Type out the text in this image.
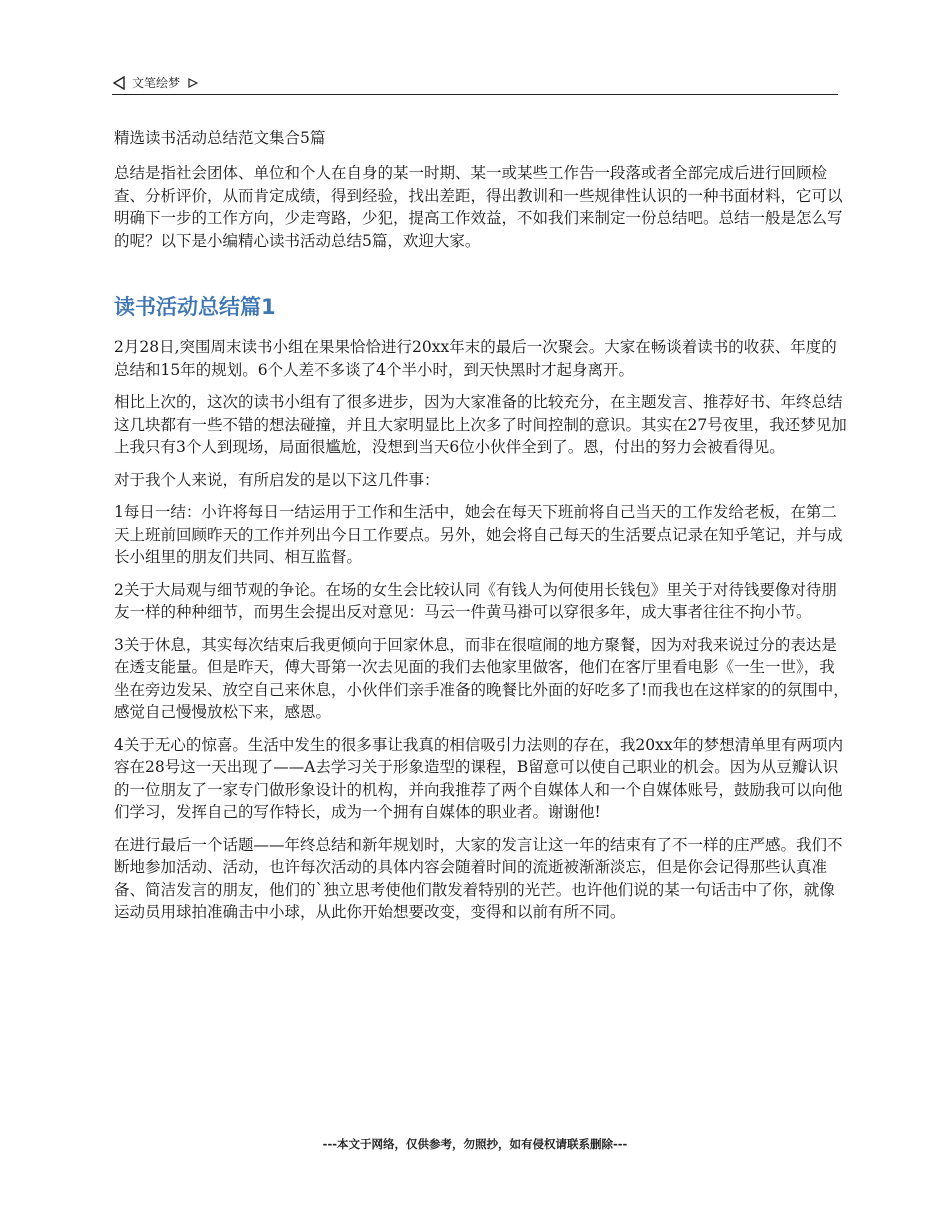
文笔绘梦
精选读书活动总结范文集合5篇

总结是指社会团体、单位和个人在自身的某一时期、某一或某些工作告一段落或者全部完成后进行回顾检查、分析评价，从而肯定成绩，得到经验，找出差距，得出教训和一些规律性认识的一种书面材料，它可以明确下一步的工作方向，少走弯路，少犯，提高工作效益，不如我们来制定一份总结吧。总结一般是怎么写的呢？以下是小编精心读书活动总结5篇，欢迎大家。

读书活动总结篇1

2月28日,突围周末读书小组在果果恰恰进行20xx年末的最后一次聚会。大家在畅谈着读书的收获、年度的总结和15年的规划。6个人差不多谈了4个半小时，到天快黑时才起身离开。

相比上次的，这次的读书小组有了很多进步，因为大家准备的比较充分，在主题发言、推荐好书、年终总结这几块都有一些不错的想法碰撞，并且大家明显比上次多了时间控制的意识。其实在27号夜里，我还梦见加上我只有3个人到现场，局面很尴尬，没想到当天6位小伙伴全到了。恩，付出的努力会被看得见。

对于我个人来说，有所启发的是以下这几件事：

1每日一结：小许将每日一结运用于工作和生活中，她会在每天下班前将自己当天的工作发给老板，在第二天上班前回顾昨天的工作并列出今日工作要点。另外，她会将自己每天的生活要点记录在知乎笔记，并与成长小组里的朋友们共同、相互监督。

2关于大局观与细节观的争论。在场的女生会比较认同《有钱人为何使用长钱包》里关于对待钱要像对待朋友一样的种种细节，而男生会提出反对意见：马云一件黄马褂可以穿很多年，成大事者往往不拘小节。

3关于休息，其实每次结束后我更倾向于回家休息，而非在很喧闹的地方聚餐，因为对我来说过分的表达是在透支能量。但是昨天，傅大哥第一次去见面的我们去他家里做客，他们在客厅里看电影《一生一世》，我坐在旁边发呆、放空自己来休息，小伙伴们亲手准备的晚餐比外面的好吃多了!而我也在这样家的的氛围中，感觉自己慢慢放松下来，感恩。

4关于无心的惊喜。生活中发生的很多事让我真的相信吸引力法则的存在，我20xx年的梦想清单里有两项内容在28号这一天出现了——A去学习关于形象造型的课程，B留意可以使自己职业的机会。因为从豆瓣认识的一位朋友了一家专门做形象设计的机构，并向我推荐了两个自媒体人和一个自媒体账号，鼓励我可以向他们学习，发挥自己的写作特长，成为一个拥有自媒体的职业者。谢谢他!

在进行最后一个话题——年终总结和新年规划时，大家的发言让这一年的结束有了不一样的庄严感。我们不断地参加活动、活动，也许每次活动的具体内容会随着时间的流逝被渐渐淡忘，但是你会记得那些认真准备、简洁发言的朋友，他们的`独立思考使他们散发着特别的光芒。也许他们说的某一句话击中了你，就像运动员用球拍准确击中小球，从此你开始想要改变，变得和以前有所不同。

---本文于网络，仅供参考，勿照抄，如有侵权请联系删除---
